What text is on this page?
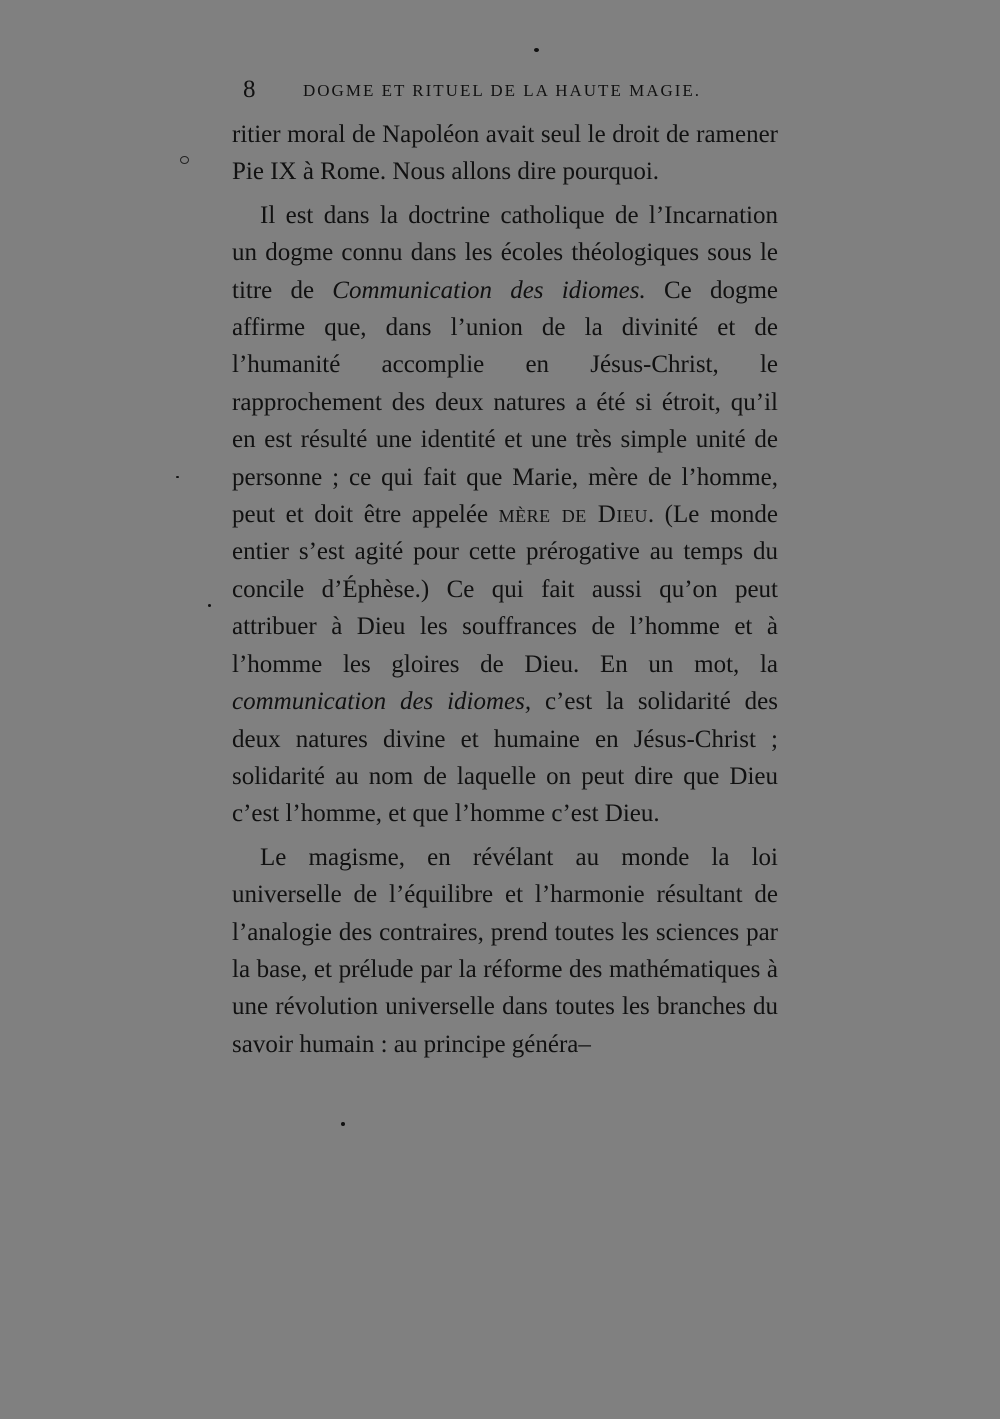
8	DOGME ET RITUEL DE LA HAUTE MAGIE.

ritier moral de Napoléon avait seul le droit de ramener Pie IX à Rome. Nous allons dire pourquoi.

Il est dans la doctrine catholique de l’Incarnation un dogme connu dans les écoles théologiques sous le titre de Communication des idiomes. Ce dogme affirme que, dans l’union de la divinité et de l’humanité accomplie en Jésus-Christ, le rapprochement des deux natures a été si étroit, qu’il en est résulté une identité et une très simple unité de personne ; ce qui fait que Marie, mère de l’homme, peut et doit être appelée mère de Dieu. (Le monde entier s’est agité pour cette prérogative au temps du concile d’Éphèse.) Ce qui fait aussi qu’on peut attribuer à Dieu les souffrances de l’homme et à l’homme les gloires de Dieu. En un mot, la communication des idiomes, c’est la solidarité des deux natures divine et humaine en Jésus-Christ ; solidarité au nom de laquelle on peut dire que Dieu c’est l’homme, et que l’homme c’est Dieu.

Le magisme, en révélant au monde la loi universelle de l’équilibre et l’harmonie résultant de l’analogie des contraires, prend toutes les sciences par la base, et prélude par la réforme des mathématiques à une révolution universelle dans toutes les branches du savoir humain : au principe généra–
